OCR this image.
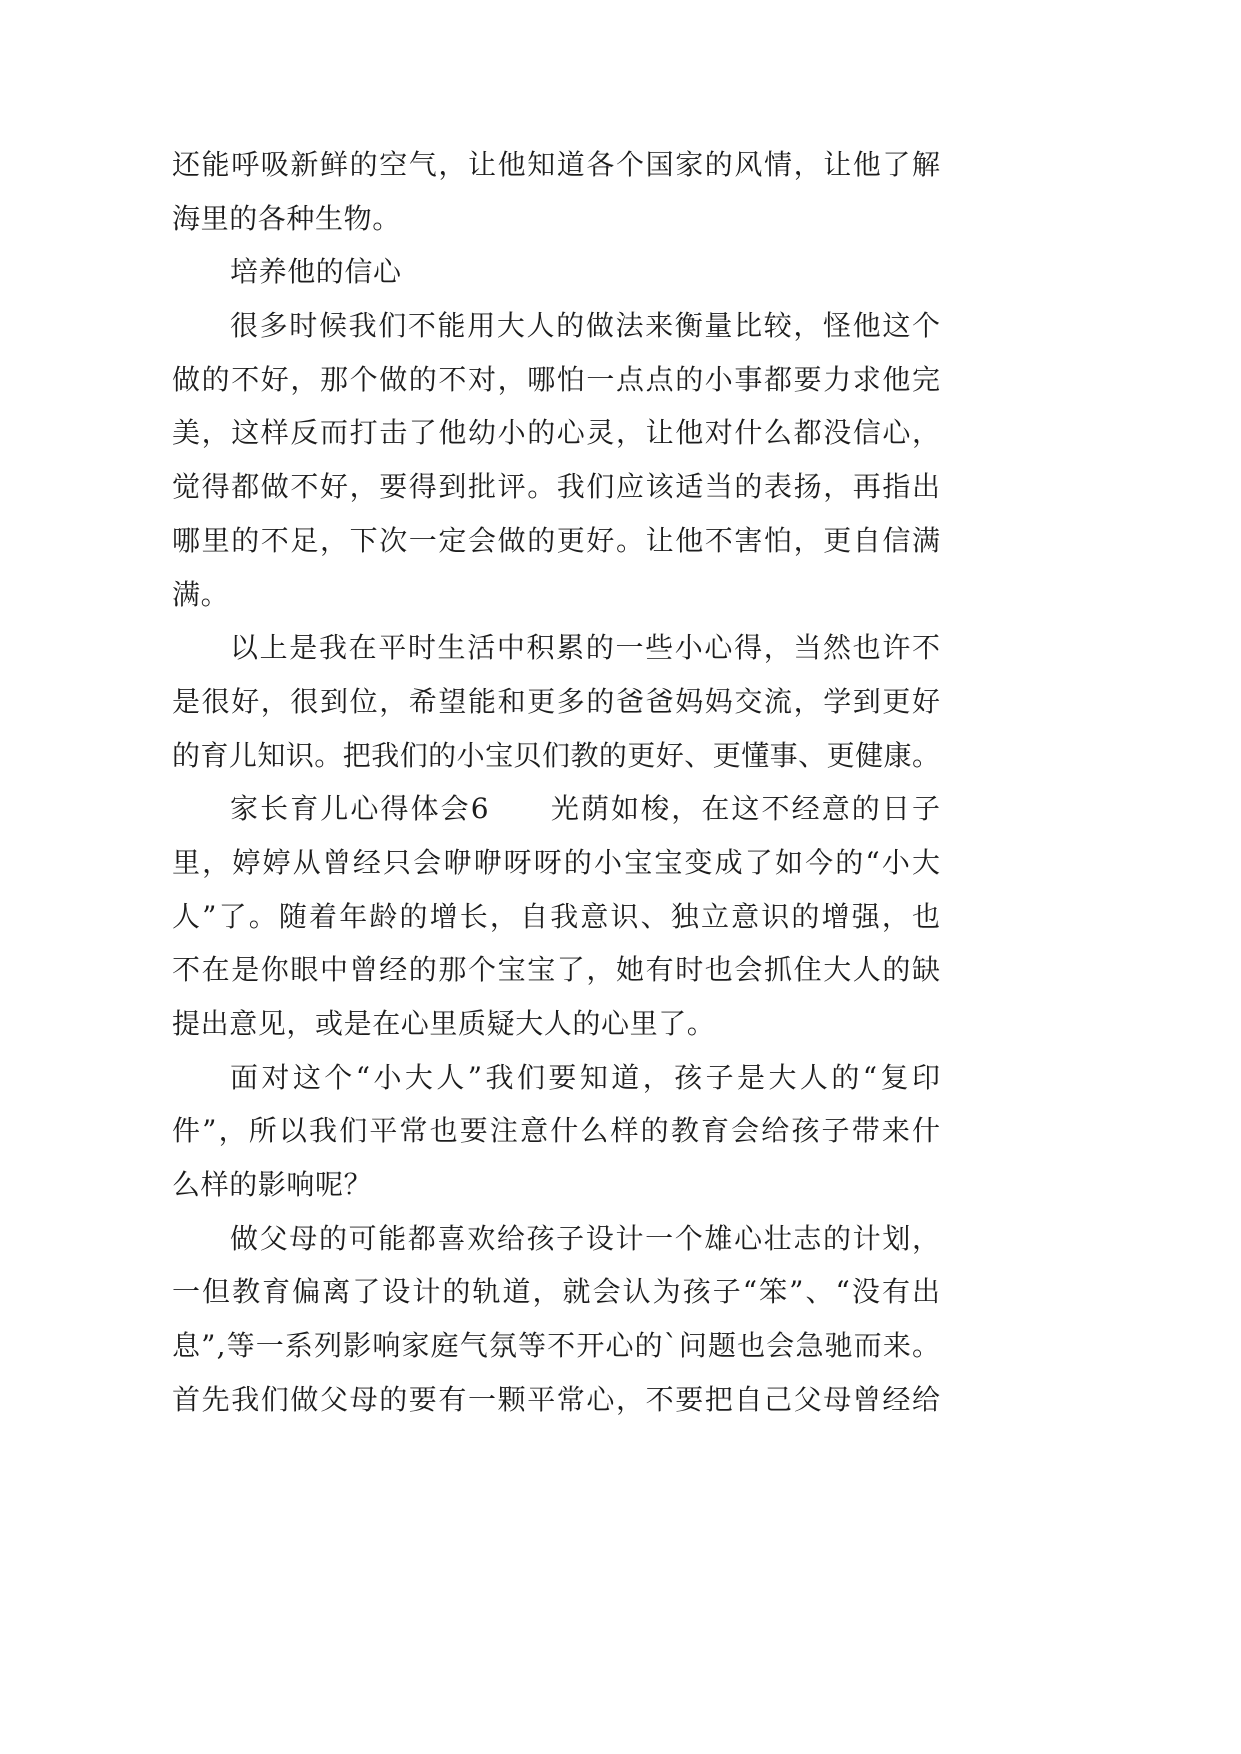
还能呼吸新鲜的空气，让他知道各个国家的风情，让他了解
海里的各种生物。
培养他的信心
很多时候我们不能用大人的做法来衡量比较，怪他这个
做的不好，那个做的不对，哪怕一点点的小事都要力求他完
美，这样反而打击了他幼小的心灵，让他对什么都没信心，
觉得都做不好，要得到批评。我们应该适当的表扬，再指出
哪里的不足，下次一定会做的更好。让他不害怕，更自信满
满。
以上是我在平时生活中积累的一些小心得，当然也许不
是很好，很到位，希望能和更多的爸爸妈妈交流，学到更好
的育儿知识。把我们的小宝贝们教的更好、更懂事、更健康。
家长育儿心得体会6　　光荫如梭，在这不经意的日子
里，婷婷从曾经只会咿咿呀呀的小宝宝变成了如今的“小大
人”了。随着年龄的增长，自我意识、独立意识的增强，也
不在是你眼中曾经的那个宝宝了，她有时也会抓住大人的缺
提出意见，或是在心里质疑大人的心里了。
面对这个“小大人”我们要知道，孩子是大人的“复印
件”，所以我们平常也要注意什么样的教育会给孩子带来什
么样的影响呢？
做父母的可能都喜欢给孩子设计一个雄心壮志的计划，
一但教育偏离了设计的轨道，就会认为孩子“笨”、“没有出
息”,等一系列影响家庭气氛等不开心的`问题也会急驰而来。
首先我们做父母的要有一颗平常心，不要把自己父母曾经给
